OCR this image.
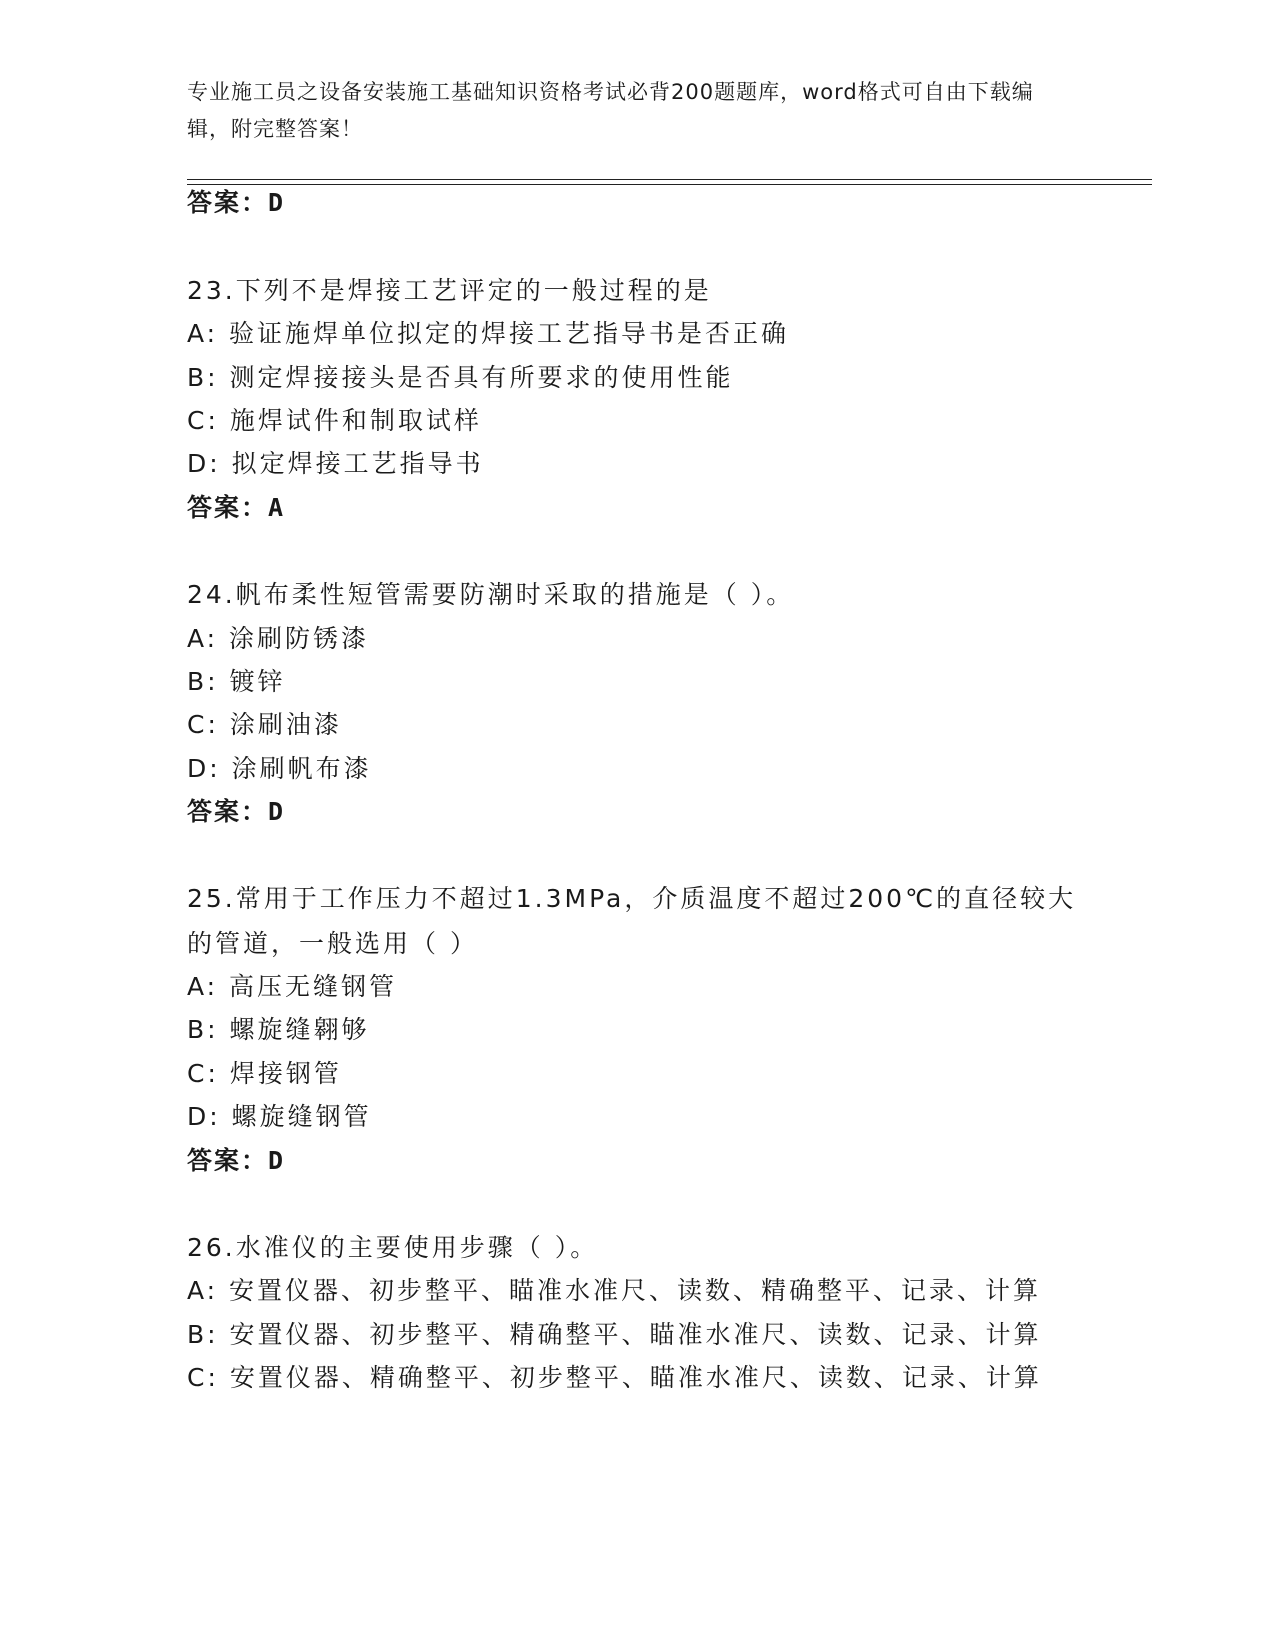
专业施工员之设备安装施工基础知识资格考试必背200题题库，word格式可自由下载编辑，附完整答案！
答案：D
23.下列不是焊接工艺评定的一般过程的是
A: 验证施焊单位拟定的焊接工艺指导书是否正确
B: 测定焊接接头是否具有所要求的使用性能
C: 施焊试件和制取试样
D: 拟定焊接工艺指导书
答案：A
24.帆布柔性短管需要防潮时采取的措施是（ ）。
A: 涂刷防锈漆
B: 镀锌
C: 涂刷油漆
D: 涂刷帆布漆
答案：D
25.常用于工作压力不超过1.3MPa，介质温度不超过200℃的直径较大的管道，一般选用（ ）
A: 高压无缝钢管
B: 螺旋缝翱够
C: 焊接钢管
D: 螺旋缝钢管
答案：D
26.水准仪的主要使用步骤（ ）。
A: 安置仪器、初步整平、瞄准水准尺、读数、精确整平、记录、计算
B: 安置仪器、初步整平、精确整平、瞄准水准尺、读数、记录、计算
C: 安置仪器、精确整平、初步整平、瞄准水准尺、读数、记录、计算
